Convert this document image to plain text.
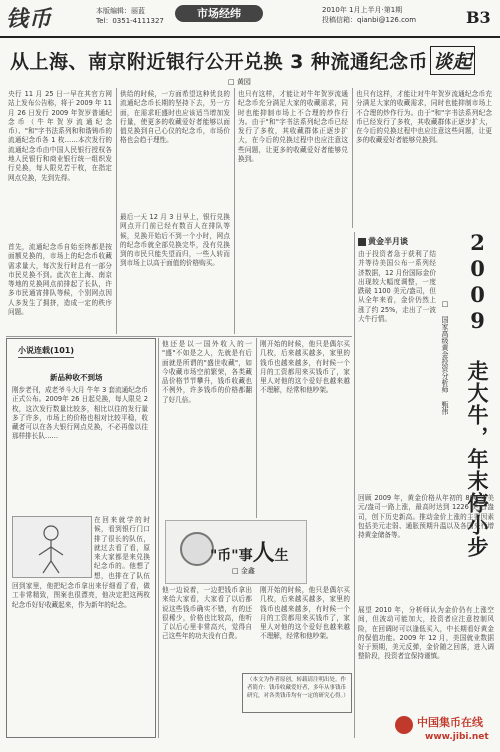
钱币	本版编辑：丽蓝
Tel：0351-4111327
市场经纬	2010年 1月上半月·第1期
投稿信箱：qianbi@126.com	B3
从上海、南京附近银行公开兑换 3 种流通纪念币 谈起
□ 黄园
央行 11 月 25 日一早在其官方网站上发布公告称，将于 2009 年 11 月 26 日发行 2009 年贺岁普通纪念币（牛年贺岁流通纪念币）、"和"字书法系列和和谐铸币的流通纪念币各 1 枚……本次发行的流通纪念币由中国人民银行授权各地人民银行和商业银行统一组织发行兑换，每人限兑若干枚，在指定网点兑换，先到先得。
首先，流通纪念币自始至终都是按面额兑换的，市场上的纪念币收藏需求量大，每次发行时总有一部分市民兑换不到。此次在上海、南京等地的兑换网点前排起了长队，许多市民通宵排队等候，个别网点因人多发生了拥挤，造成一定的秩序问题。
供给的时候，一方面希望这种优良的流通纪念币长期的坚持下去，另一方面，在需求旺盛时也应该适当增加发行量，使更多的收藏爱好者能够以面值兑换到自己心仪的纪念币，市场价格也会趋于理性。
最后一天 12 月 3 日早上，银行兑换网点开门前已经有数百人在排队等候，兑换开始后不到一个小时，网点的纪念币就全部兑换完毕，没有兑换到的市民只能失望而归，一些人转而到市场上以高于面值的价格购买。
也只有这样，才能让对牛年贺岁流通纪念币充分满足大家的收藏需求，同时也能抑制市场上不合理的炒作行为。由于"和"字书法系列纪念币已经发行了多枚，其收藏群体正逐步扩大，在今后的兑换过程中也应注意这些问题，让更多的收藏爱好者能够兑换到。
也只有这样，才能让对牛年贺岁流通纪念币充分满足大家的收藏需求，同时也能抑制市场上不合理的炒作行为。由于"和"字书法系列纪念币已经发行了多枚，其收藏群体正逐步扩大，在今后的兑换过程中也应注意这些问题，让更多的收藏爱好者能够兑换到。
小说连载(101)
新品种收不到场
刚步老刊，成老爷斗大月 牛年 3 套流通纪念币正式公布。2009年 26 日起兑换，每人限兑 2 枚，这次发行数量比较多，相比以往的发行量多了许多，市场上的价格也相对比较平稳，收藏者可以在各大银行网点兑换，不必再像以往那样排长队……
在回来就学的时候，看到银行门口排了很长的队伍，就过去看了看，原来大家都是来兑换纪念币的。他想了想，也排在了队伍
回到家里，他把纪念币拿出来仔细看了看，做工非常精致，图案也很漂亮，他决定把这两枚纪念币好好收藏起来，作为新年的纪念。
他还是以一国外收入的一 "盛"不如是之人，先就是有后面就是所谓的"盛世收藏"，如今收藏市场空前繁荣，各类藏品价格节节攀升，钱币收藏也不例外，许多钱币的价格都翻了好几倍。
刚开始的时候，他只是偶尔买几枚，后来越买越多，家里的钱币也越来越多，有时候一个月的工资都用来买钱币了，家里人对他的这个爱好也越来越不理解，经常和他吵架。
"币"事人生
□ 金鑫
他一边说着，一边把钱币拿出来给大家看，大家看了以后都说这些钱币确实不错，有的还很稀少，价格也比较高，他听了以后心里非常高兴，觉得自己这些年的功夫没有白费。
刚开始的时候，他只是偶尔买几枚，后来越买越多，家里的钱币也越来越多，有时候一个月的工资都用来买钱币了，家里人对他的这个爱好也越来越不理解，经常和他吵架。
（本文为作者原创，转载请注明出处。作者简介：钱币收藏爱好者，多年从事钱币研究，对各类钱币均有一定的研究心得。）
黄金半月谈
由于投资者急于获利了结并等待美国公布一系列经济数据，12 月份国际金价出现较大幅度调整，一度跌破 1100 美元/盎司，但从全年来看，金价仍然上涨了约 25%，走出了一波大牛行情。	□ 国家高级黄金投资分析师 甄伟 2009 走大牛，年末停小步
回顾 2009 年，黄金价格从年初的 800 多美元/盎司一路上涨，最高时达到 1226 美元/盎司，创下历史新高。推动金价上涨的主要因素包括美元走弱、通胀预期升温以及各国央行增持黄金储备等。
展望 2010 年，分析师认为金价仍有上涨空间，但波动可能加大，投资者应注意控制风险，在回调时可以逢低买入，中长期看好黄金的保值功能。2009 年 12 月，美国就业数据好于预期，美元反弹，金价随之回落，进入调整阶段，投资者宜保持谨慎。
中国集币在线
www.jibi.net
